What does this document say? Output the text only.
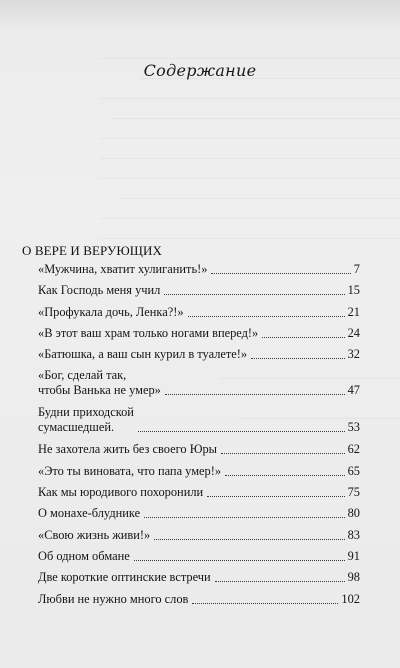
Содержание
О ВЕРЕ И ВЕРУЮЩИХ
«Мужчина, хватит хулиганить!»	7
Как Господь меня учил	15
«Профукала дочь, Ленка?!»	21
«В этот ваш храм только ногами вперед!»	24
«Батюшка, а ваш сын курил в туалете!»	32
«Бог, сделай так,
чтобы Ванька не умер»	47
Будни приходской
сумасшедшей.	53
Не захотела жить без своего Юры	62
«Это ты виновата, что папа умер!»	65
Как мы юродивого похоронили	75
О монахе-блуднике	80
«Свою жизнь живи!»	83
Об одном обмане	91
Две короткие оптинские встречи	98
Любви не нужно много слов	102
